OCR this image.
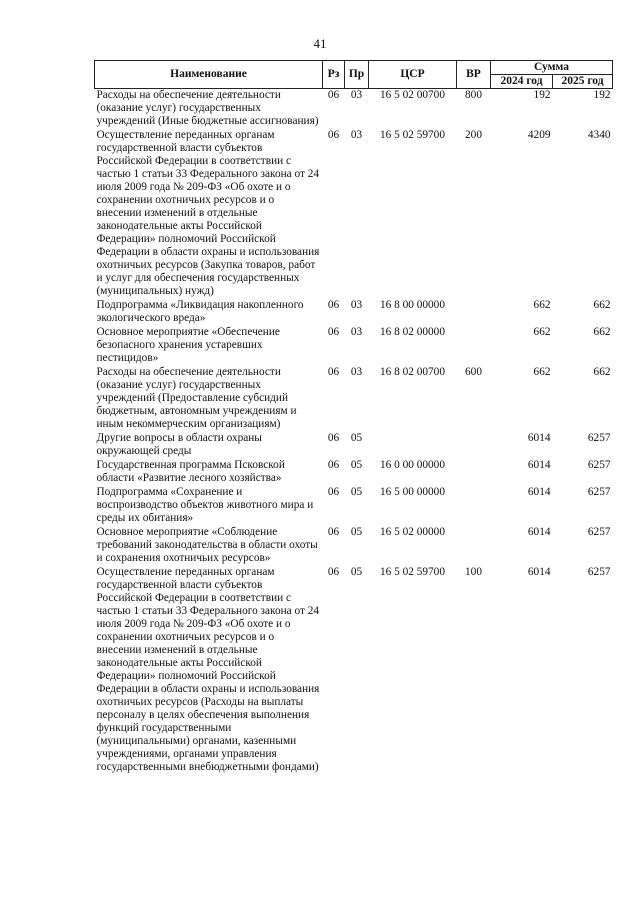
41
Наименование	Рз	Пр	ЦСР	ВР	Сумма	
					2024 год	2025 год
Расходы на обеспечение деятельности (оказание услуг) государственных учреждений (Иные бюджетные ассигнования)	06	03	16 5 02 00700	800	192	192
Осуществление переданных органам государственной власти субъектов Российской Федерации в соответствии с частью 1 статьи 33 Федерального закона от 24 июля 2009 года № 209-ФЗ «Об охоте и о сохранении охотничьих ресурсов и о внесении изменений в отдельные законодательные акты Российской Федерации» полномочий Российской Федерации в области охраны и использования охотничьих ресурсов (Закупка товаров, работ и услуг для обеспечения государственных (муниципальных) нужд)	06	03	16 5 02 59700	200	4209	4340
Подпрограмма «Ликвидация накопленного экологического вреда»	06	03	16 8 00 00000		662	662
Основное мероприятие «Обеспечение безопасного хранения устаревших пестицидов»	06	03	16 8 02 00000		662	662
Расходы на обеспечение деятельности (оказание услуг) государственных учреждений (Предоставление субсидий бюджетным, автономным учреждениям и иным некоммерческим организациям)	06	03	16 8 02 00700	600	662	662
Другие вопросы в области охраны окружающей среды	06	05			6014	6257
Государственная программа Псковской области «Развитие лесного хозяйства»	06	05	16 0 00 00000		6014	6257
Подпрограмма «Сохранение и воспроизводство объектов животного мира и среды их обитания»	06	05	16 5 00 00000		6014	6257
Основное мероприятие «Соблюдение требований законодательства в области охоты и сохранения охотничьих ресурсов»	06	05	16 5 02 00000		6014	6257
Осуществление переданных органам государственной власти субъектов Российской Федерации в соответствии с частью 1 статьи 33 Федерального закона от 24 июля 2009 года № 209-ФЗ «Об охоте и о сохранении охотничьих ресурсов и о внесении изменений в отдельные законодательные акты Российской Федерации» полномочий Российской Федерации в области охраны и использования охотничьих ресурсов (Расходы на выплаты персоналу в целях обеспечения выполнения функций государственными (муниципальными) органами, казенными учреждениями, органами управления государственными внебюджетными фондами)	06	05	16 5 02 59700	100	6014	6257
